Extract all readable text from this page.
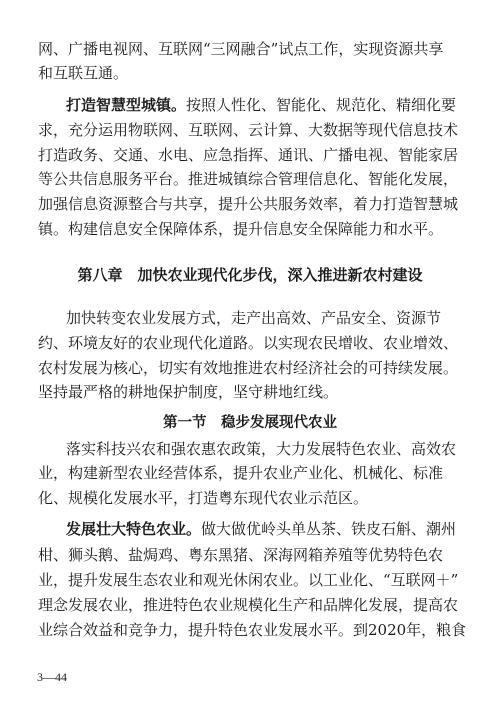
网、广播电视网、互联网“三网融合”试点工作，实现资源共享
和互联互通。
打造智慧型城镇。按照人性化、智能化、规范化、精细化要
求，充分运用物联网、互联网、云计算、大数据等现代信息技术
打造政务、交通、水电、应急指挥、通讯、广播电视、智能家居
等公共信息服务平台。推进城镇综合管理信息化、智能化发展，
加强信息资源整合与共享，提升公共服务效率，着力打造智慧城
镇。构建信息安全保障体系，提升信息安全保障能力和水平。
第八章　加快农业现代化步伐，深入推进新农村建设
加快转变农业发展方式，走产出高效、产品安全、资源节
约、环境友好的农业现代化道路。以实现农民增收、农业增效、
农村发展为核心，切实有效地推进农村经济社会的可持续发展。
坚持最严格的耕地保护制度，坚守耕地红线。
第一节　稳步发展现代农业
落实科技兴农和强农惠农政策，大力发展特色农业、高效农
业，构建新型农业经营体系，提升农业产业化、机械化、标准
化、规模化发展水平，打造粤东现代农业示范区。
发展壮大特色农业。做大做优岭头单丛茶、铁皮石斛、潮州
柑、狮头鹅、盐焗鸡、粤东黑猪、深海网箱养殖等优势特色农
业，提升发展生态农业和观光休闲农业。以工业化、“互联网＋”
理念发展农业，推进特色农业规模化生产和品牌化发展，提高农
业综合效益和竞争力，提升特色农业发展水平。到2020年，粮食
3—44
